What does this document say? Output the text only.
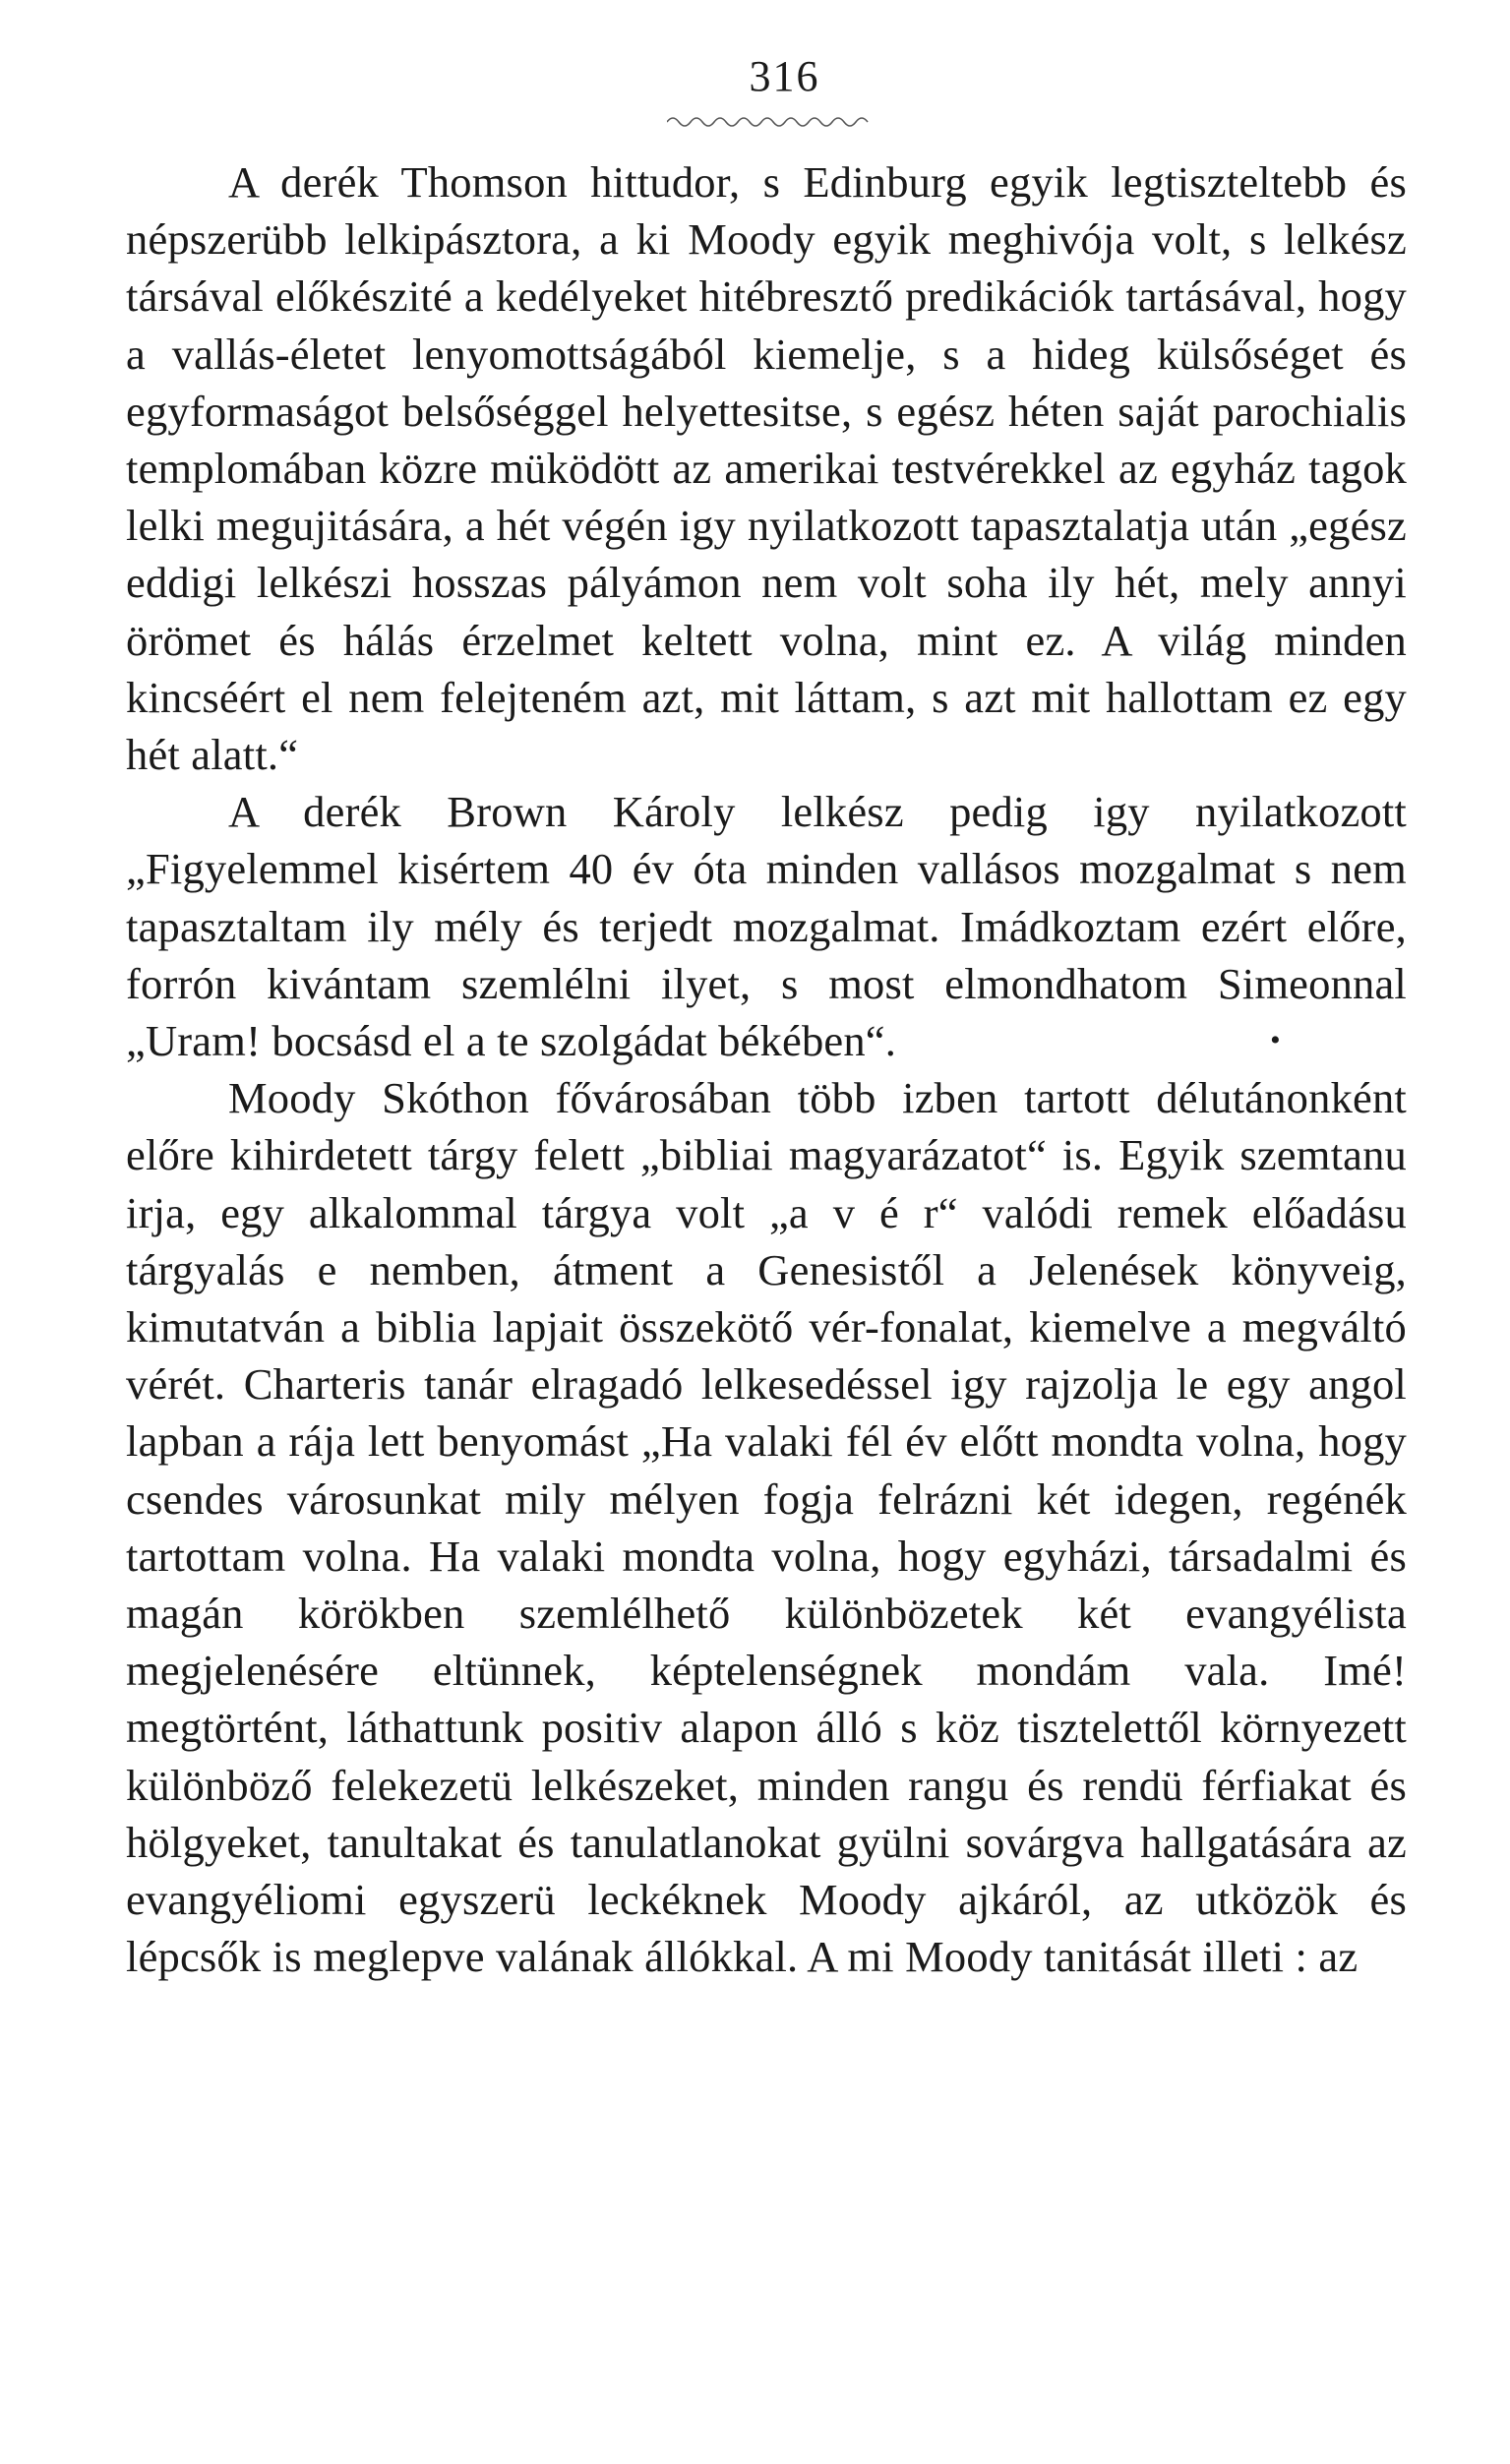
316

A derék Thomson hittudor, s Edinburg egyik legtiszteltebb és népszerübb lelkipásztora, a ki Moody egyik meghivója volt, s lelkész társával előkészité a kedélyeket hitébresztő predikációk tartásával, hogy a vallás-életet lenyomottságából kiemelje, s a hideg külsőséget és egyformaságot belsőséggel helyettesitse, s egész héten saját parochialis templomában közre müködött az amerikai testvérekkel az egyház tagok lelki megujitására, a hét végén igy nyilatkozott tapasztalatja után „egész eddigi lelkészi hosszas pályámon nem volt soha ily hét, mely annyi örömet és hálás érzelmet keltett volna, mint ez. A világ minden kincséért el nem felejteném azt, mit láttam, s azt mit hallottam ez egy hét alatt.“

A derék Brown Károly lelkész pedig igy nyilatkozott „Figyelemmel kisértem 40 év óta minden vallásos mozgalmat s nem tapasztaltam ily mély és terjedt mozgalmat. Imádkoztam ezért előre, forrón kivántam szemlélni ilyet, s most elmondhatom Simeonnal „Uram! bocsásd el a te szolgádat békében“.	•

Moody Skóthon fővárosában több izben tartott délutánonként előre kihirdetett tárgy felett „bibliai magyarázatot“ is. Egyik szemtanu irja, egy alkalommal tárgya volt „a v é r“ valódi remek előadásu tárgyalás e nemben, átment a Genesistől a Jelenések könyveig, kimutatván a biblia lapjait összekötő vér-fonalat, kiemelve a megváltó vérét. Charteris tanár elragadó lelkesedéssel igy rajzolja le egy angol lapban a rája lett benyomást „Ha valaki fél év előtt mondta volna, hogy csendes városunkat mily mélyen fogja felrázni két idegen, regénék tartottam volna. Ha valaki mondta volna, hogy egyházi, társadalmi és magán körökben szemlélhető különbözetek két evangyélista megjelenésére eltünnek, képtelenségnek mondám vala. Imé! megtörtént, láthattunk positiv alapon álló s köz tisztelettől környezett különböző felekezetü lelkészeket, minden rangu és rendü férfiakat és hölgyeket, tanultakat és tanulatlanokat gyülni sovárgva hallgatására az evangyéliomi egyszerü leckéknek Moody ajkáról, az utközök és lépcsők is meglepve valának állókkal. A mi Moody tanitását illeti : az
